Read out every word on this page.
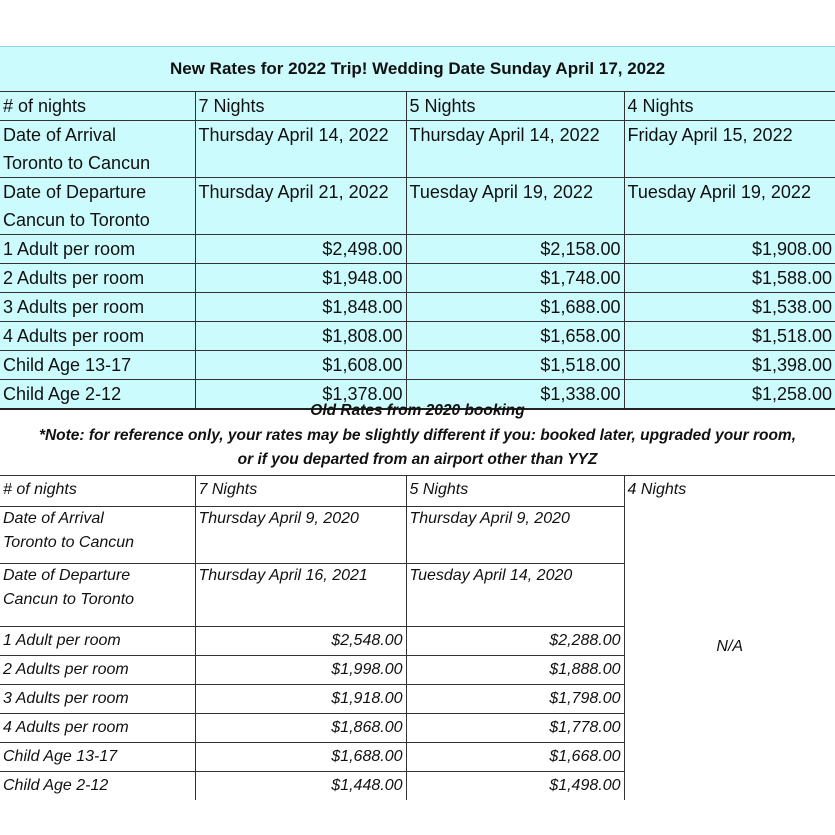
New Rates for 2022 Trip! Wedding Date Sunday April 17, 2022			
# of nights	7 Nights	5 Nights	4 Nights

Date of Arrival
Toronto to Cancun	Thursday April 14, 2022	Thursday April 14, 2022	Friday April 15, 2022

Date of Departure
Cancun to Toronto	Thursday April 21, 2022	Tuesday April 19, 2022	Tuesday April 19, 2022
1 Adult per room	$2,498.00	$2,158.00	$1,908.00
2 Adults per room	$1,948.00	$1,748.00	$1,588.00
3 Adults per room	$1,848.00	$1,688.00	$1,538.00
4 Adults per room	$1,808.00	$1,658.00	$1,518.00
Child Age 13-17	$1,608.00	$1,518.00	$1,398.00
Child Age 2-12	$1,378.00	$1,338.00	$1,258.00
Old Rates from 2020 booking
*Note: for reference only, your rates may be slightly different if you: booked later, upgraded your room,
or if you departed from an airport other than YYZ
# of nights	7 Nights	5 Nights	4 Nights

Date of Arrival
Toronto to Cancun	Thursday April 9, 2020	Thursday April 9, 2020	N/A

Date of Departure
Cancun to Toronto	Thursday April 16, 2021	Tuesday April 14, 2020	
1 Adult per room	$2,548.00	$2,288.00	
2 Adults per room	$1,998.00	$1,888.00	
3 Adults per room	$1,918.00	$1,798.00	
4 Adults per room	$1,868.00	$1,778.00	
Child Age 13-17	$1,688.00	$1,668.00	
Child Age 2-12	$1,448.00	$1,498.00	
